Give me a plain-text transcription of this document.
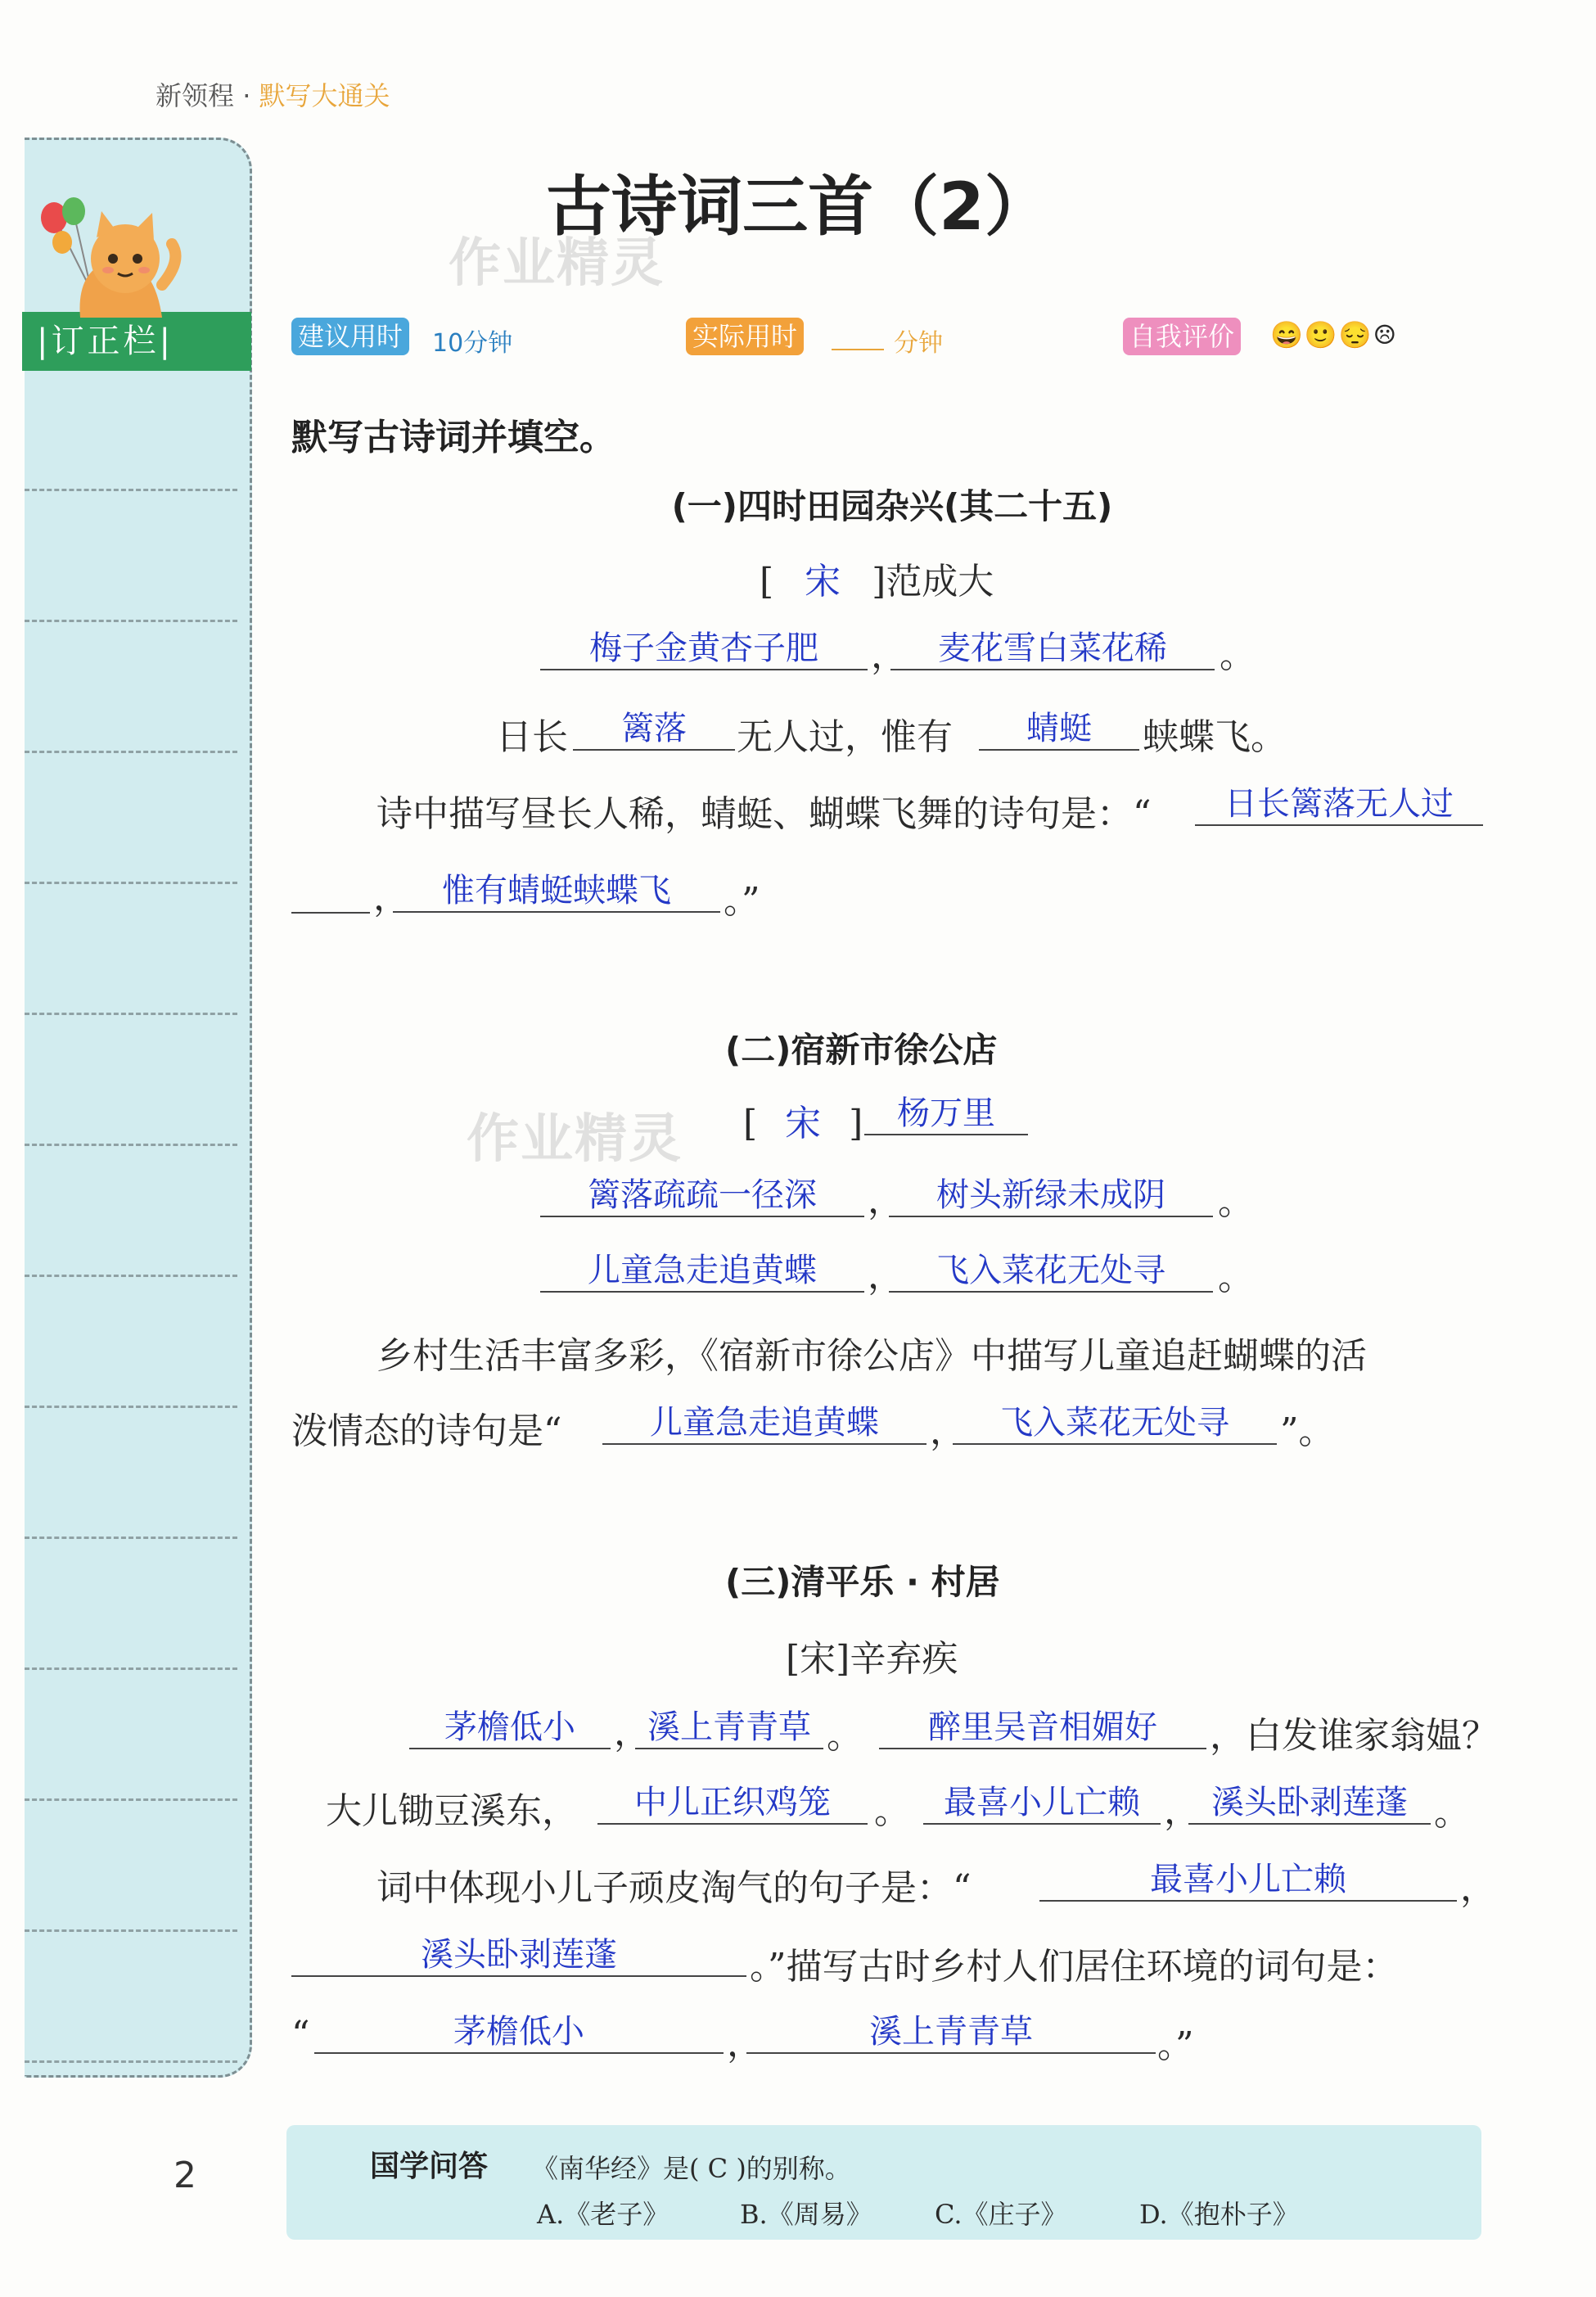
新领程 · 默写大通关
|订正栏|
古诗词三首（2）
作业精灵
作业精灵
建议用时 10分钟	实际用时	分钟	自我评价 😄🙂😔☹
默写古诗词并填空。
(一)四时田园杂兴(其二十五)
[ 宋 ]范成大
梅子金黄杏子肥	， 麦花雪白菜花稀	。
日长	篱落	无人过，惟有	蜻蜓	蛱蝶飞。
诗中描写昼长人稀，蜻蜓、蝴蝶飞舞的诗句是：“	日长篱落无人过
，	惟有蜻蜓蛱蝶飞	。”
(二)宿新市徐公店
[ 宋 ]	杨万里
篱落疏疏一径深	，	树头新绿未成阴	。
儿童急走追黄蝶	，	飞入菜花无处寻	。
乡村生活丰富多彩，《宿新市徐公店》中描写儿童追赶蝴蝶的活
泼情态的诗句是“	儿童急走追黄蝶	，	飞入菜花无处寻	”。
(三)清平乐 · 村居
[宋]辛弃疾
茅檐低小	，
溪上青青草 。	醉里吴音相媚好	，白发谁家翁媪？
大儿锄豆溪东，	中儿正织鸡笼	。	最喜小儿亡赖 ， 溪头卧剥莲蓬 。
词中体现小儿子顽皮淘气的句子是：“	最喜小儿亡赖	，
溪头卧剥莲蓬	。”描写古时乡村人们居住环境的词句是：
“	茅檐低小	，	溪上青青草	。”
国学问答 《南华经》是( C )的别称。
A.《老子》	B.《周易》 C.《庄子》	D.《抱朴子》
2
